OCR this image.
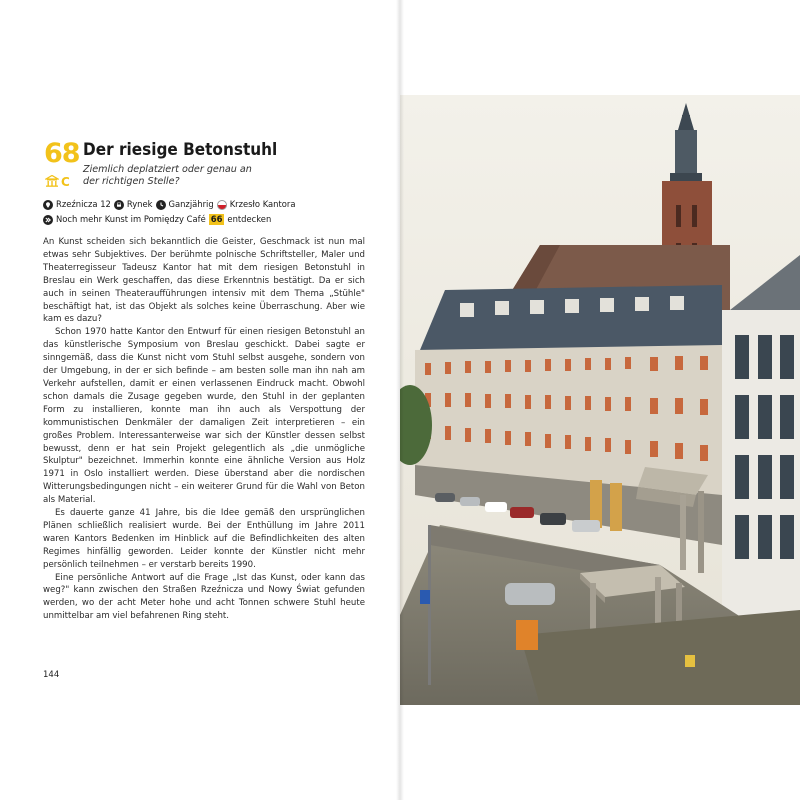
68
C
Der riesige Betonstuhl
Ziemlich deplatziert oder genau an der richtigen Stelle?
Rzeźnicza 12 Rynek Ganzjährig Krzesło Kantora
Noch mehr Kunst im Pomiędzy Café 66 entdecken

An Kunst scheiden sich bekanntlich die Geister, Geschmack ist nun mal etwas sehr Subjektives. Der berühmte polnische Schriftsteller, Maler und Theaterregisseur Tadeusz Kantor hat mit dem riesigen Betonstuhl in Breslau ein Werk geschaffen, das diese Erkenntnis bestätigt. Da er sich auch in seinen Theateraufführungen intensiv mit dem Thema „Stühle" beschäftigt hat, ist das Objekt als solches keine Überraschung. Aber wie kam es dazu?

Schon 1970 hatte Kantor den Entwurf für einen riesigen Betonstuhl an das künstlerische Symposium von Breslau geschickt. Dabei sagte er sinngemäß, dass die Kunst nicht vom Stuhl selbst ausgehe, sondern von der Umgebung, in der er sich befinde – am besten solle man ihn nah am Verkehr aufstellen, damit er einen verlassenen Eindruck macht. Obwohl schon damals die Zusage gegeben wurde, den Stuhl in der geplanten Form zu installieren, konnte man ihn auch als Verspottung der kommunistischen Denkmäler der damaligen Zeit interpretieren – ein großes Problem. Interessanterweise war sich der Künstler dessen selbst bewusst, denn er hat sein Projekt gelegentlich als „die unmögliche Skulptur" bezeichnet. Immerhin konnte eine ähnliche Version aus Holz 1971 in Oslo installiert werden. Diese überstand aber die nordischen Witterungsbedingungen nicht – ein weiterer Grund für die Wahl von Beton als Material.

Es dauerte ganze 41 Jahre, bis die Idee gemäß den ursprünglichen Plänen schließlich realisiert wurde. Bei der Enthüllung im Jahre 2011 waren Kantors Bedenken im Hinblick auf die Befindlichkeiten des alten Regimes hinfällig geworden. Leider konnte der Künstler nicht mehr persönlich teilnehmen – er verstarb bereits 1990.

Eine persönliche Antwort auf die Frage „Ist das Kunst, oder kann das weg?" kann zwischen den Straßen Rzeźnicza und Nowy Świat gefunden werden, wo der acht Meter hohe und acht Tonnen schwere Stuhl heute unmittelbar am viel befahrenen Ring steht.

144
